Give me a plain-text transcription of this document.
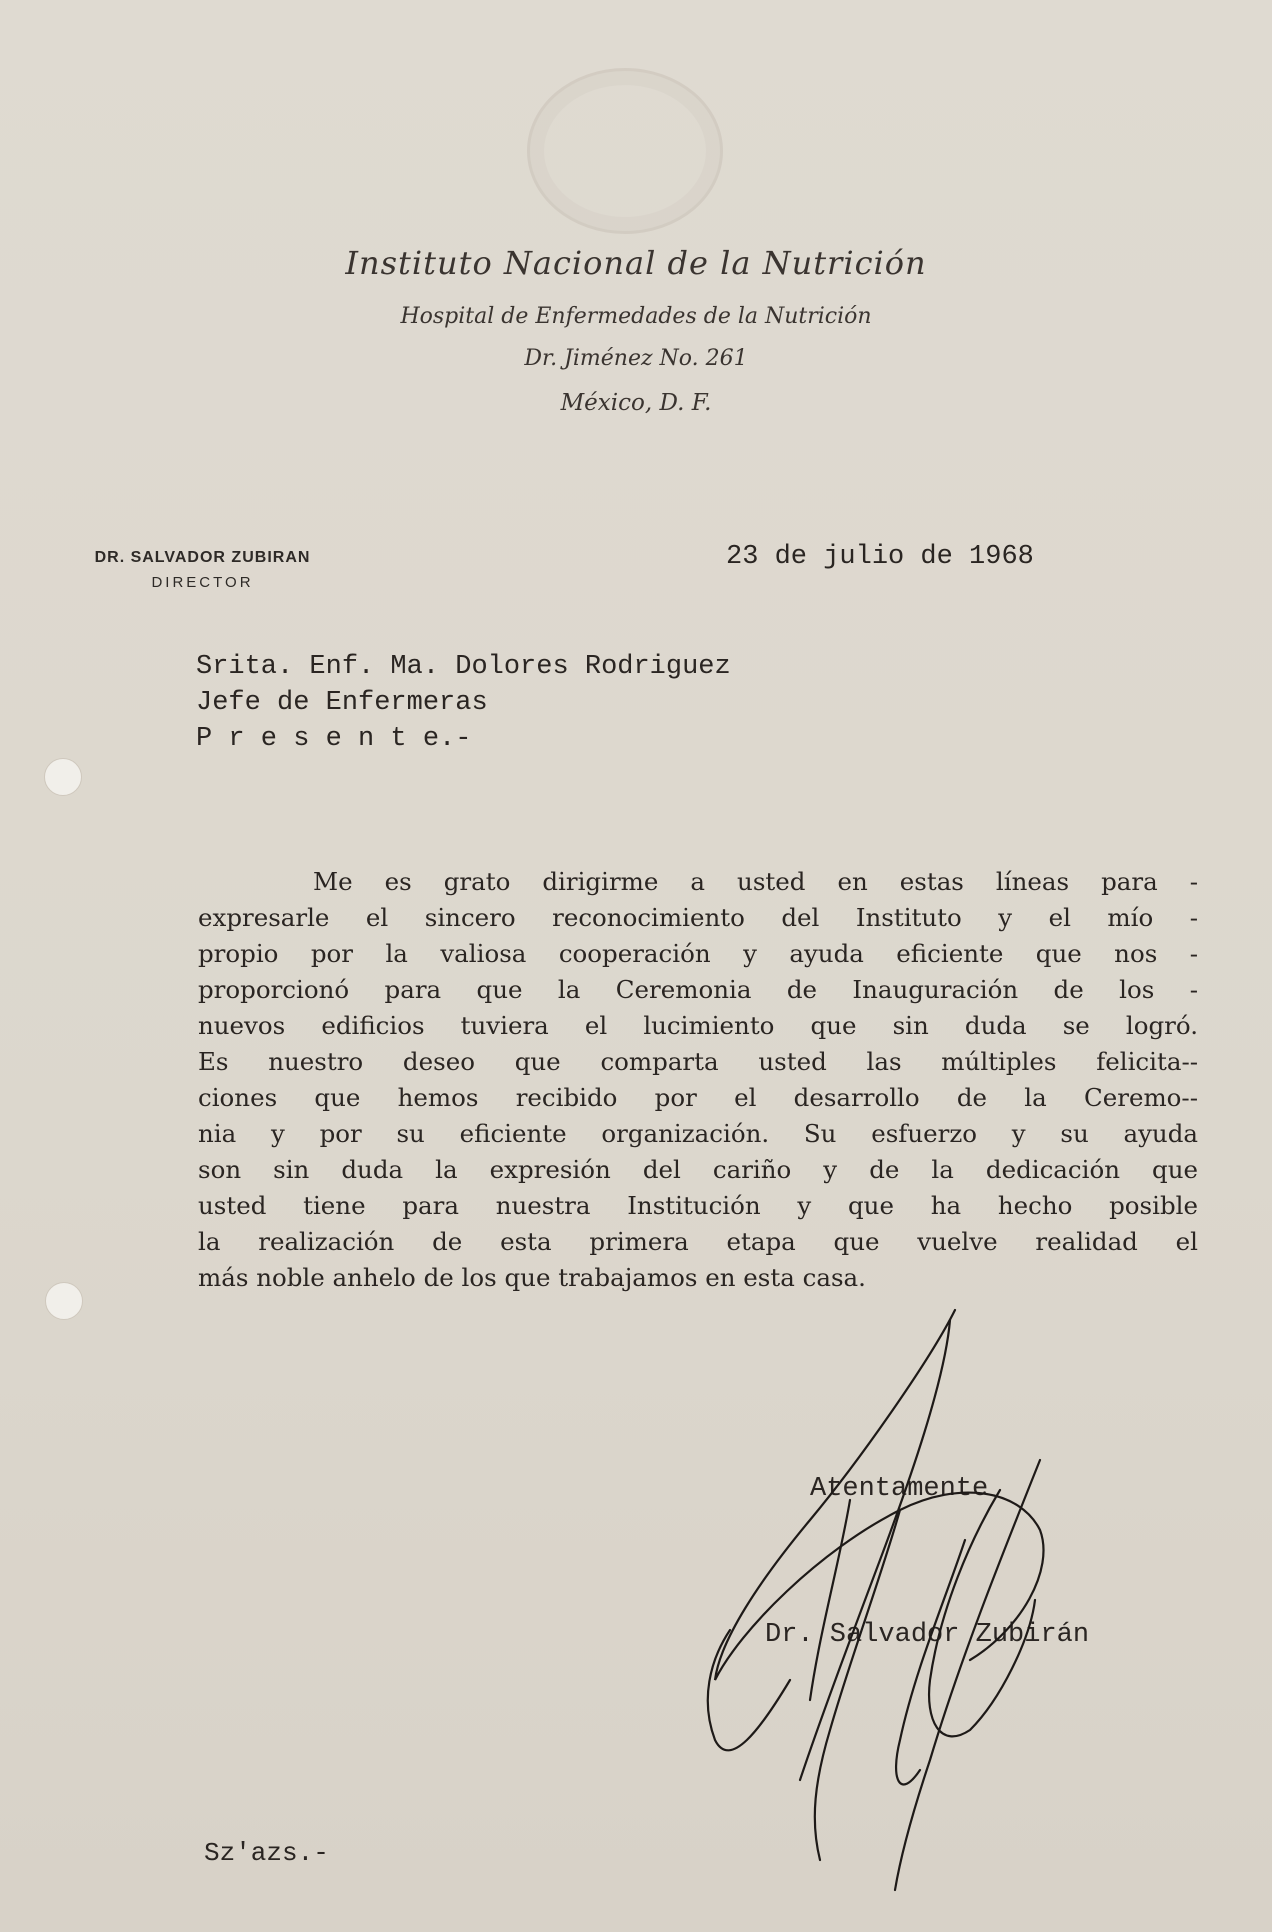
Instituto Nacional de la Nutrición
Hospital de Enfermedades de la Nutrición
Dr. Jiménez No. 261
México, D. F.
DR. SALVADOR ZUBIRAN
DIRECTOR
23 de julio de 1968
Srita. Enf. Ma. Dolores Rodriguez
Jefe de Enfermeras
P r e s e n t e.-
Me es grato dirigirme a usted en estas líneas para -
expresarle el sincero reconocimiento del Instituto y el mío -
propio por la valiosa cooperación y ayuda eficiente que nos -
proporcionó para que la Ceremonia de Inauguración de los -
nuevos edificios tuviera el lucimiento que sin duda se logró.
Es nuestro deseo que comparta usted las múltiples felicita--
ciones que hemos recibido por el desarrollo de la Ceremo--
nia y por su eficiente organización. Su esfuerzo y su ayuda
son sin duda la expresión del cariño y de la dedicación que
usted tiene para nuestra Institución y que ha hecho posible
la realización de esta primera etapa que vuelve realidad el
más noble anhelo de los que trabajamos en esta casa.
Atentamente
Dr. Salvador Zubirán
Sz'azs.-
